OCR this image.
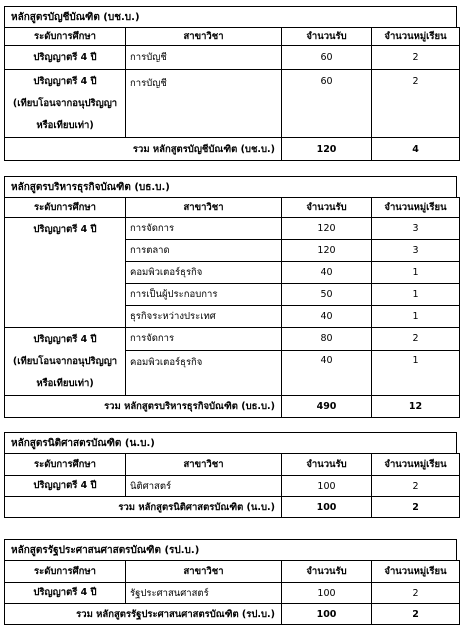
หลักสูตรบัญชีบัณฑิต (บช.บ.)
ระดับการศึกษา	สาขาวิชา	จำนวนรับ	จำนวนหมู่เรียน
ปริญญาตรี 4 ปี	การบัญชี	60	2

ปริญญาตรี 4 ปี
(เทียบโอนจากอนุปริญญา
หรือเทียบเท่า)	การบัญชี	60	2
รวม หลักสูตรบัญชีบัณฑิต (บช.บ.)		120	4
หลักสูตรบริหารธุรกิจบัณฑิต (บธ.บ.)
ระดับการศึกษา	สาขาวิชา	จำนวนรับ	จำนวนหมู่เรียน
ปริญญาตรี 4 ปี	การจัดการ	120	3
	การตลาด	120	3
	คอมพิวเตอร์ธุรกิจ	40	1
	การเป็นผู้ประกอบการ	50	1
	ธุรกิจระหว่างประเทศ	40	1

ปริญญาตรี 4 ปี
(เทียบโอนจากอนุปริญญา
หรือเทียบเท่า)	การจัดการ	80	2
	คอมพิวเตอร์ธุรกิจ	40	1
รวม หลักสูตรบริหารธุรกิจบัณฑิต (บธ.บ.)		490	12
หลักสูตรนิติศาสตรบัณฑิต (น.บ.)
ระดับการศึกษา	สาขาวิชา	จำนวนรับ	จำนวนหมู่เรียน
ปริญญาตรี 4 ปี	นิติศาสตร์	100	2
รวม หลักสูตรนิติศาสตรบัณฑิต (น.บ.)		100	2
หลักสูตรรัฐประศาสนศาสตรบัณฑิต (รป.บ.)
ระดับการศึกษา	สาขาวิชา	จำนวนรับ	จำนวนหมู่เรียน
ปริญญาตรี 4 ปี	รัฐประศาสนศาสตร์	100	2
รวม หลักสูตรรัฐประศาสนศาสตรบัณฑิต (รป.บ.)		100	2
